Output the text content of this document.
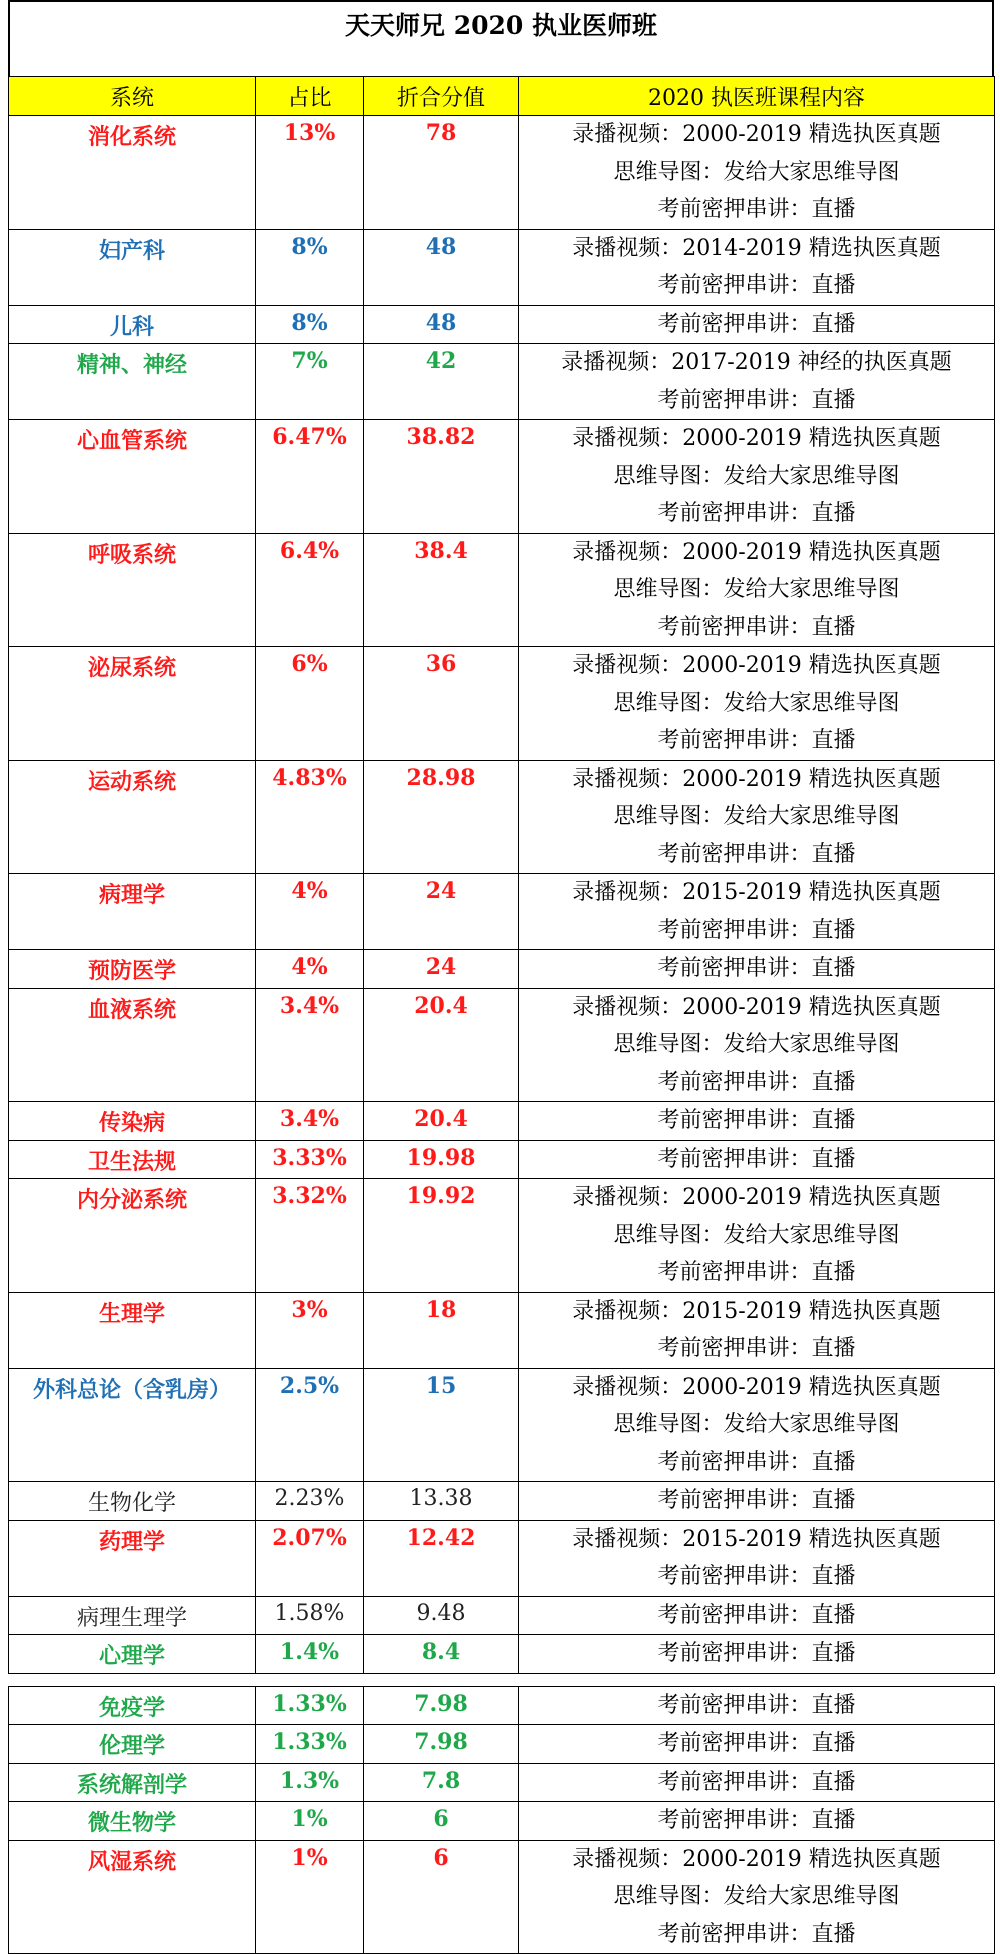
天天师兄 2020 执业医师班
系统	占比	折合分值	2020 执医班课程内容
消化系统	13%	78	录播视频：2000-2019 精选执医真题
思维导图：发给大家思维导图
考前密押串讲：直播

妇产科	8%	48	录播视频：2014-2019 精选执医真题
考前密押串讲：直播

儿科	8%	48	考前密押串讲：直播

精神、神经	7%	42	录播视频：2017-2019 神经的执医真题
考前密押串讲：直播

心血管系统	6.47%	38.82	录播视频：2000-2019 精选执医真题
思维导图：发给大家思维导图
考前密押串讲：直播

呼吸系统	6.4%	38.4	录播视频：2000-2019 精选执医真题
思维导图：发给大家思维导图
考前密押串讲：直播

泌尿系统	6%	36	录播视频：2000-2019 精选执医真题
思维导图：发给大家思维导图
考前密押串讲：直播

运动系统	4.83%	28.98	录播视频：2000-2019 精选执医真题
思维导图：发给大家思维导图
考前密押串讲：直播

病理学	4%	24	录播视频：2015-2019 精选执医真题
考前密押串讲：直播

预防医学	4%	24	考前密押串讲：直播

血液系统	3.4%	20.4	录播视频：2000-2019 精选执医真题
思维导图：发给大家思维导图
考前密押串讲：直播

传染病	3.4%	20.4	考前密押串讲：直播

卫生法规	3.33%	19.98	考前密押串讲：直播

内分泌系统	3.32%	19.92	录播视频：2000-2019 精选执医真题
思维导图：发给大家思维导图
考前密押串讲：直播

生理学	3%	18	录播视频：2015-2019 精选执医真题
考前密押串讲：直播

外科总论（含乳房）	2.5%	15	录播视频：2000-2019 精选执医真题
思维导图：发给大家思维导图
考前密押串讲：直播

生物化学	2.23%	13.38	考前密押串讲：直播

药理学	2.07%	12.42	录播视频：2015-2019 精选执医真题
考前密押串讲：直播

病理生理学	1.58%	9.48	考前密押串讲：直播

心理学	1.4%	8.4	考前密押串讲：直播

免疫学	1.33%	7.98	考前密押串讲：直播

伦理学	1.33%	7.98	考前密押串讲：直播

系统解剖学	1.3%	7.8	考前密押串讲：直播

微生物学	1%	6	考前密押串讲：直播

风湿系统	1%	6	录播视频：2000-2019 精选执医真题
思维导图：发给大家思维导图
考前密押串讲：直播
